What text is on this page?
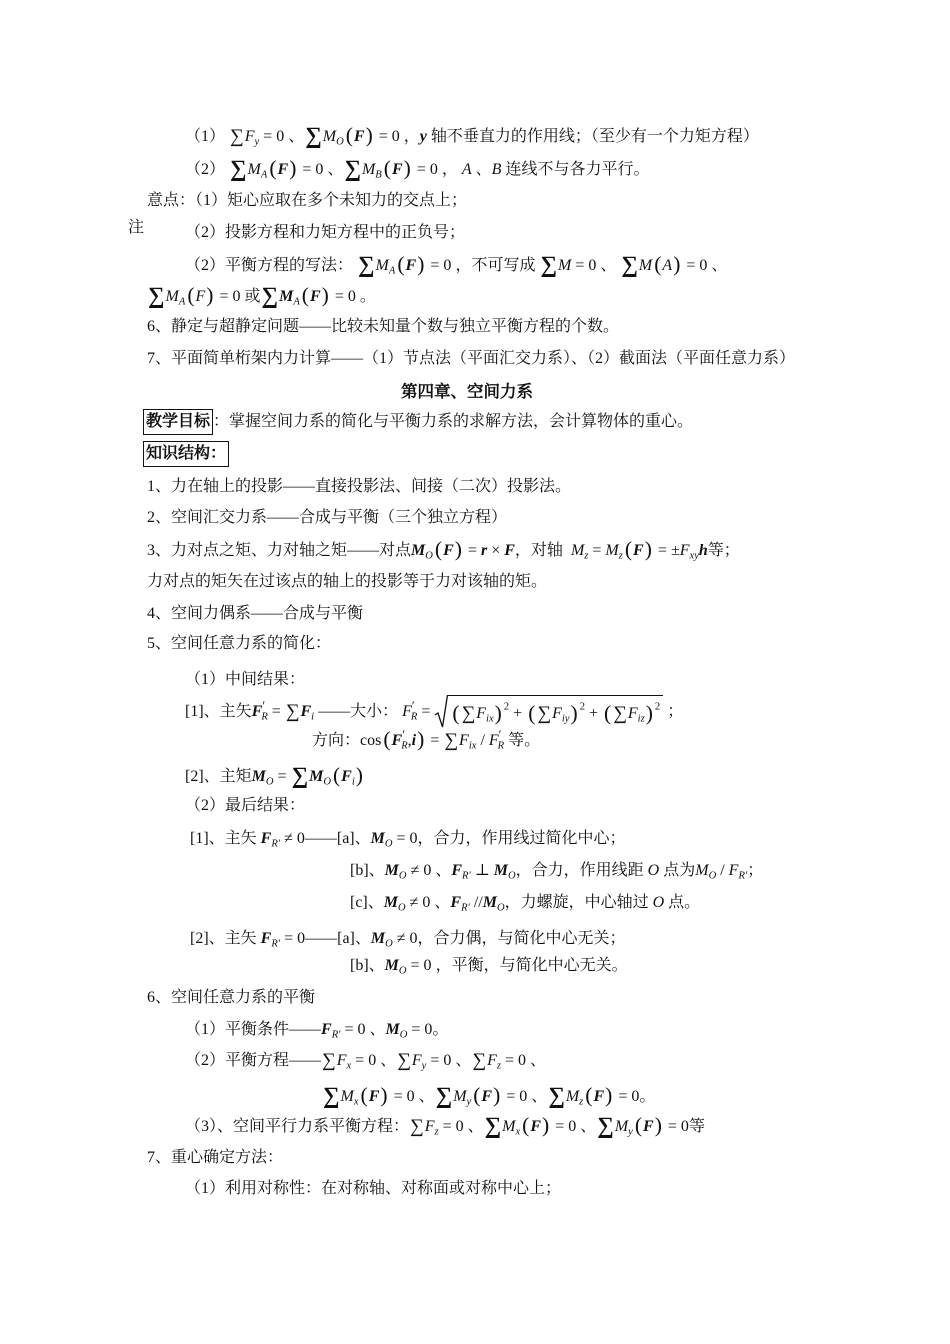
（1） $\sum F_y = 0$ 、$\sum M_O(F) = 0$ ，y 轴不垂直力的作用线；（至少有一个力矩方程）
（2） $\sum M_A(F) = 0$ 、$\sum M_B(F) = 0$ ， A 、B 连线不与各力平行。
意点：（1）矩心应取在多个未知力的交点上；
注	（2）投影方程和力矩方程中的正负号；
（2）平衡方程的写法： $\sum M_A(F) = 0$ ，不可写成 ∑M = 0 、 ∑M(A) = 0 、
$\sum M_A(F) = 0$ 或$\sum M_A(F) = 0$ 。
6、静定与超静定问题——比较未知量个数与独立平衡方程的个数。
7、平面简单桁架内力计算——（1）节点法（平面汇交力系）、（2）截面法（平面任意力系）
第四章、空间力系
教学目标 ：掌握空间力系的简化与平衡力系的求解方法，会计算物体的重心。
知识结构：
1、力在轴上的投影——直接投影法、间接（二次）投影法。
2、空间汇交力系——合成与平衡（三个独立方程）
3、力对点之矩、力对轴之矩——对点$M_O(F) = r \times F$，对轴  $M_z = M_z(F) = \pm F_{xy}h$等；
力对点的矩矢在过该点的轴上的投影等于力对该轴的矩。
4、空间力偶系——合成与平衡
5、空间任意力系的简化：
（1）中间结果：
[1]、主矢$F'_R = \sum F_i$ ——大小： $F'_R$ = ( $\sum F_{ix}$) $^2$ + ( $\sum F_{iy}$) $^2$ + ( $\sum F_{iz}$) $^2$ ；
方向：$\cos(F'_R,i) = \sum F_{ix} / F'_R$ 等。
[2]、主矩$M_O = \sum M_O(F_i)$
（2）最后结果：
[1]、主矢 $F_{R'}$ ≠ 0——[a]、$M_O = 0$，合力，作用线过简化中心；
[b]、$M_O \ne 0$ 、$F_{R'}$ ⊥ $M_O$，合力，作用线距 O 点为$M_O / F_{R'}$；
[c]、$M_O \ne 0$ 、$F_{R'}$ $//M_O$，力螺旋，中心轴过 O 点。
[2]、主矢 $F_{R'}$ = 0——[a]、$M_O \ne 0$，合力偶，与简化中心无关；
[b]、$M_O = 0$ ，平衡，与简化中心无关。
6、空间任意力系的平衡
（1）平衡条件$——F_{R'} = 0$ 、$M_O = 0$。
（2）平衡方程$——\sum F_x = 0$ 、$\sum F_y = 0$ 、$\sum F_z = 0$ 、
$\sum M_x(F) = 0$ 、$\sum M_y(F) = 0$ 、$\sum M_z(F) = 0$。
（3）、空间平行力系平衡方程：$\sum F_z = 0$ 、$\sum M_x(F) = 0$ 、$\sum M_y(F) = 0$等
7、重心确定方法：
（1）利用对称性：在对称轴、对称面或对称中心上；
